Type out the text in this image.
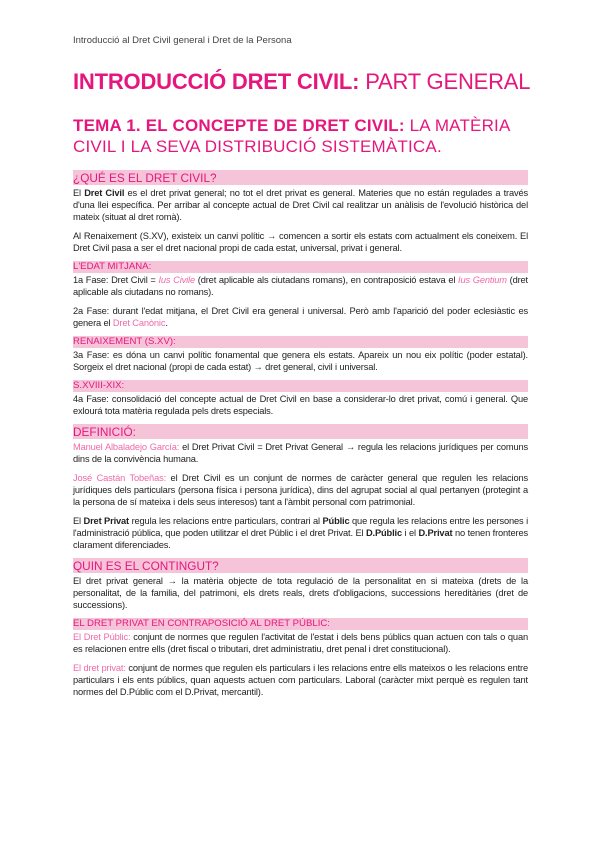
Introducció al Dret Civil general i Dret de la Persona
INTRODUCCIÓ DRET CIVIL: PART GENERAL
TEMA 1. EL CONCEPTE DE DRET CIVIL: LA MATÈRIA CIVIL I LA SEVA DISTRIBUCIÓ SISTEMÀTICA.
¿QUÉ ES EL DRET CIVIL?

El Dret Civil es el dret privat general; no tot el dret privat es general. Materies que no están regulades a través d'una llei específica. Per arribar al concepte actual de Dret Civil cal realitzar un anàlisis de l'evolució històrica del mateix (situat al dret romà).

Al Renaixement (S.XV), existeix un canvi polític → comencen a sortir els estats com actualment els coneixem. El Dret Civil pasa a ser el dret nacional propi de cada estat, universal, privat i general.

L'EDAT MITJANA:

1a Fase: Dret Civil = Ius Civile (dret aplicable als ciutadans romans), en contraposició estava el Ius Gentium (dret aplicable als ciutadans no romans).

2a Fase: durant l'edat mitjana, el Dret Civil era general i universal. Però amb l'aparició del poder eclesiàstic es genera el Dret Canònic.

RENAIXEMENT (S.XV):

3a Fase: es dóna un canvi polític fonamental que genera els estats. Apareix un nou eix polític (poder estatal). Sorgeix el dret nacional (propi de cada estat) → dret general, civil i universal.

S.XVIII-XIX:

4a Fase: consolidació del concepte actual de Dret Civil en base a considerar-lo dret privat, comú i general. Que exlourá tota matèria regulada pels drets especials.

DEFINICIÓ:

Manuel Albaladejo García: el Dret Privat Civil = Dret Privat General → regula les relacions jurídiques per comuns dins de la convivència humana.

José Castán Tobeñas: el Dret Civil es un conjunt de normes de caràcter general que regulen les relacions jurídiques dels particulars (persona física i persona jurídica), dins del agrupat social al qual pertanyen (protegint a la persona de sí mateixa i dels seus interesos) tant a l'àmbit personal com patrimonial.

El Dret Privat regula les relacions entre particulars, contrari al Públic que regula les relacions entre les persones i l'administració pública, que poden utilitzar el dret Públic i el dret Privat. El D.Públic i el D.Privat no tenen fronteres clarament diferenciades.

QUIN ES EL CONTINGUT?

El dret privat general → la matèria objecte de tota regulació de la personalitat en si mateixa (drets de la personalitat, de la familia, del patrimoni, els drets reals, drets d'obligacions, successions hereditàries (dret de successions).

EL DRET PRIVAT EN CONTRAPOSICIÓ AL DRET PÚBLIC:

El Dret Públic: conjunt de normes que regulen l'activitat de l'estat i dels bens públics quan actuen con tals o quan es relacionen entre ells (dret fiscal o tributari, dret administratiu, dret penal i dret constitucional).

El dret privat: conjunt de normes que regulen els particulars i les relacions entre ells mateixos o les relacions entre particulars i els ents públics, quan aquests actuen com particulars. Laboral (caràcter mixt perquè es regulen tant normes del D.Públic com el D.Privat, mercantil).
